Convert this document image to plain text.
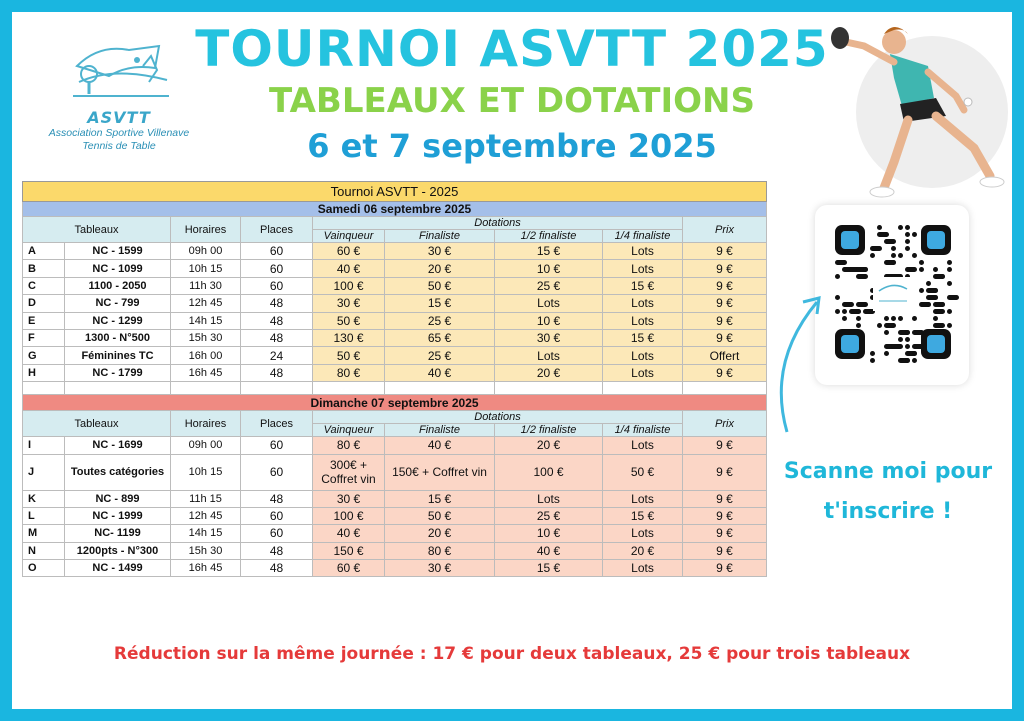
ASVTT
Association Sportive Villenave
Tennis de Table
TOURNOI ASVTT 2025
TABLEAUX ET DOTATIONS
6 et 7 septembre 2025
Tournoi ASVTT - 2025								
Samedi 06 septembre 2025								
Tableaux		Horaires	Places	Dotations				Prix
				Vainqueur	Finaliste	1/2 finaliste	1/4 finaliste	
A	NC - 1599	09h 00	60	60 €	30 €	15 €	Lots	9 €
B	NC - 1099	10h 15	60	40 €	20 €	10 €	Lots	9 €
C	1100 - 2050	11h 30	60	100 €	50 €	25 €	15 €	9 €
D	NC - 799	12h 45	48	30 €	15 €	Lots	Lots	9 €
E	NC - 1299	14h 15	48	50 €	25 €	10 €	Lots	9 €
F	1300 - N°500	15h 30	48	130 €	65 €	30 €	15 €	9 €
G	Féminines TC	16h 00	24	50 €	25 €	Lots	Lots	Offert
H	NC - 1799	16h 45	48	80 €	40 €	20 €	Lots	9 €

Dimanche 07 septembre 2025								
Tableaux		Horaires	Places	Dotations				Prix
				Vainqueur	Finaliste	1/2 finaliste	1/4 finaliste	
I	NC - 1699	09h 00	60	80 €	40 €	20 €	Lots	9 €
J	Toutes catégories	10h 15	60	300€ + Coffret vin	150€ + Coffret vin	100 €	50 €	9 €
K	NC - 899	11h 15	48	30 €	15 €	Lots	Lots	9 €
L	NC - 1999	12h 45	60	100 €	50 €	25 €	15 €	9 €
M	NC- 1199	14h 15	60	40 €	20 €	10 €	Lots	9 €
N	1200pts - N°300	15h 30	48	150 €	80 €	40 €	20 €	9 €
O	NC - 1499	16h 45	48	60 €	30 €	15 €	Lots	9 €
Scanne moi pour
t'inscrire !
Réduction sur la même journée : 17 € pour deux tableaux, 25 € pour trois tableaux
